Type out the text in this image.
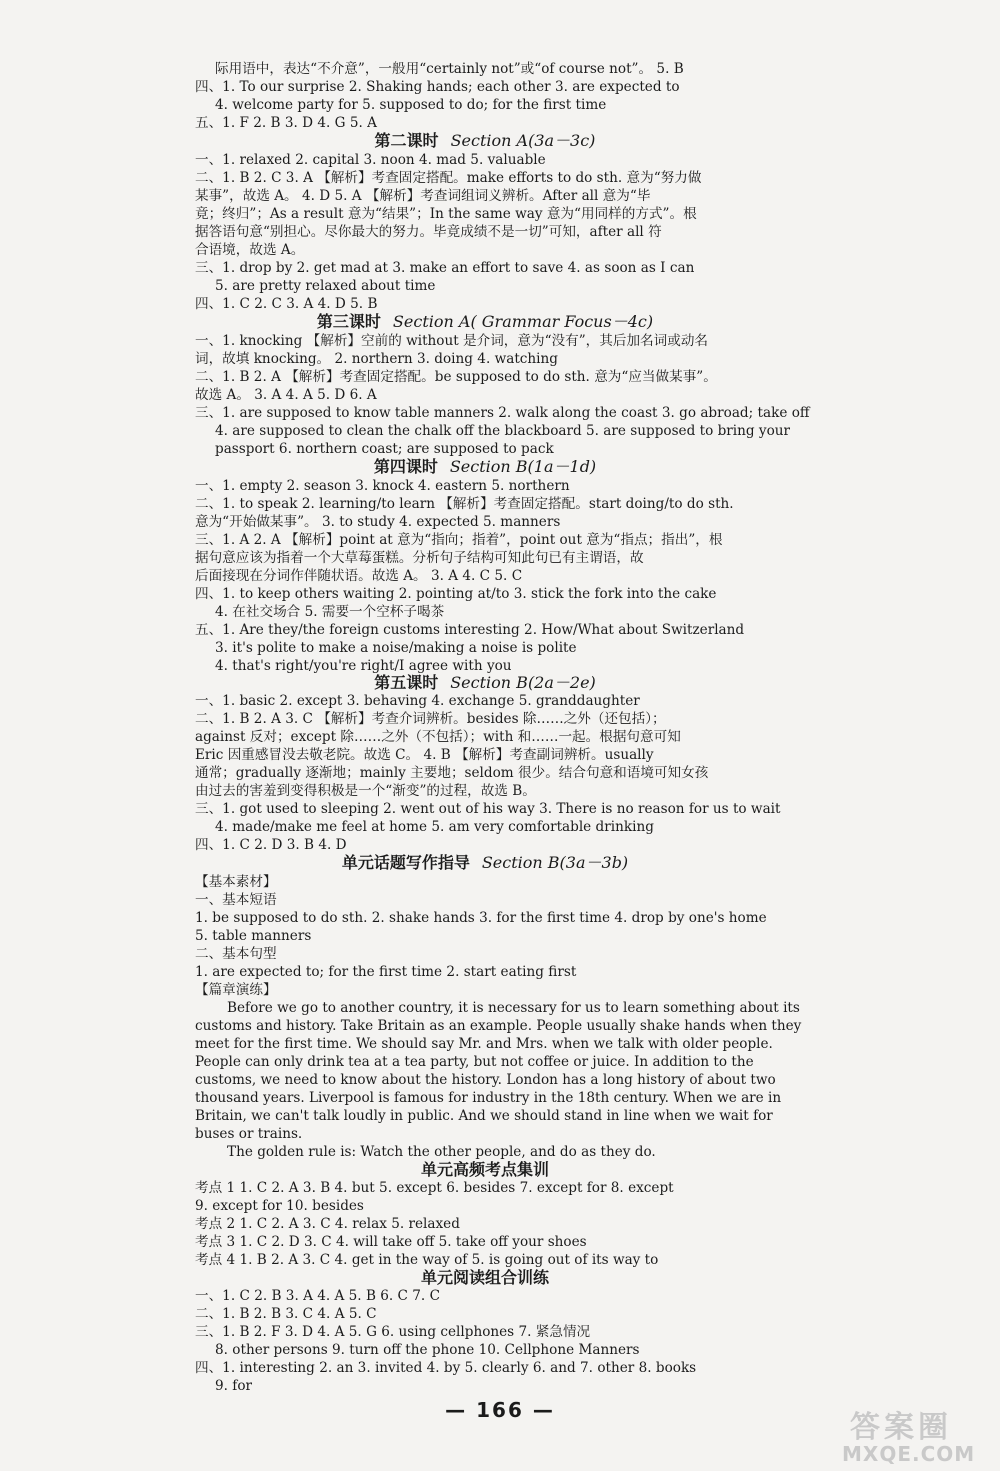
际用语中，表达“不介意”，一般用“certainly not”或“of course not”。 5. B
四、1. To our surprise 2. Shaking hands; each other 3. are expected to
4. welcome party for 5. supposed to do; for the first time
五、1. F 2. B 3. D 4. G 5. A
第二课时 Section A(3a－3c)
一、1. relaxed 2. capital 3. noon 4. mad 5. valuable
二、1. B 2. C 3. A 【解析】考查固定搭配。make efforts to do sth. 意为“努力做
某事”，故选 A。 4. D 5. A 【解析】考查词组词义辨析。After all 意为“毕
竟；终归”；As a result 意为“结果”；In the same way 意为“用同样的方式”。根
据答语句意“别担心。尽你最大的努力。毕竟成绩不是一切”可知，after all 符
合语境，故选 A。
三、1. drop by 2. get mad at 3. make an effort to save 4. as soon as I can
5. are pretty relaxed about time
四、1. C 2. C 3. A 4. D 5. B
第三课时 Section A( Grammar Focus－4c)
一、1. knocking 【解析】空前的 without 是介词，意为“没有”，其后加名词或动名
词，故填 knocking。 2. northern 3. doing 4. watching
二、1. B 2. A 【解析】考查固定搭配。be supposed to do sth. 意为“应当做某事”。
故选 A。 3. A 4. A 5. D 6. A
三、1. are supposed to know table manners 2. walk along the coast 3. go abroad; take off
4. are supposed to clean the chalk off the blackboard 5. are supposed to bring your
passport 6. northern coast; are supposed to pack
第四课时 Section B(1a－1d)
一、1. empty 2. season 3. knock 4. eastern 5. northern
二、1. to speak 2. learning/to learn 【解析】考查固定搭配。start doing/to do sth.
意为“开始做某事”。 3. to study 4. expected 5. manners
三、1. A 2. A 【解析】point at 意为“指向；指着”，point out 意为“指点；指出”，根
据句意应该为指着一个大草莓蛋糕。分析句子结构可知此句已有主谓语，故
后面接现在分词作伴随状语。故选 A。 3. A 4. C 5. C
四、1. to keep others waiting 2. pointing at/to 3. stick the fork into the cake
4. 在社交场合 5. 需要一个空杯子喝茶
五、1. Are they/the foreign customs interesting 2. How/What about Switzerland
3. it's polite to make a noise/making a noise is polite
4. that's right/you're right/I agree with you
第五课时 Section B(2a－2e)
一、1. basic 2. except 3. behaving 4. exchange 5. granddaughter
二、1. B 2. A 3. C 【解析】考查介词辨析。besides 除……之外（还包括）；
against 反对；except 除……之外（不包括）；with 和……一起。根据句意可知
Eric 因重感冒没去敬老院。故选 C。 4. B 【解析】考查副词辨析。usually
通常；gradually 逐渐地；mainly 主要地；seldom 很少。结合句意和语境可知女孩
由过去的害羞到变得积极是一个“渐变”的过程，故选 B。
三、1. got used to sleeping 2. went out of his way 3. There is no reason for us to wait
4. made/make me feel at home 5. am very comfortable drinking
四、1. C 2. D 3. B 4. D
单元话题写作指导 Section B(3a－3b)
【基本素材】
一、基本短语
1. be supposed to do sth. 2. shake hands 3. for the first time 4. drop by one's home
5. table manners
二、基本句型
1. are expected to; for the first time 2. start eating first
【篇章演练】
Before we go to another country, it is necessary for us to learn something about its
customs and history. Take Britain as an example. People usually shake hands when they
meet for the first time. We should say Mr. and Mrs. when we talk with older people.
People can only drink tea at a tea party, but not coffee or juice. In addition to the
customs, we need to know about the history. London has a long history of about two
thousand years. Liverpool is famous for industry in the 18th century. When we are in
Britain, we can't talk loudly in public. And we should stand in line when we wait for
buses or trains.
The golden rule is: Watch the other people, and do as they do.
单元高频考点集训
考点 1 1. C 2. A 3. B 4. but 5. except 6. besides 7. except for 8. except
9. except for 10. besides
考点 2 1. C 2. A 3. C 4. relax 5. relaxed
考点 3 1. C 2. D 3. C 4. will take off 5. take off your shoes
考点 4 1. B 2. A 3. C 4. get in the way of 5. is going out of its way to
单元阅读组合训练
一、1. C 2. B 3. A 4. A 5. B 6. C 7. C
二、1. B 2. B 3. C 4. A 5. C
三、1. B 2. F 3. D 4. A 5. G 6. using cellphones 7. 紧急情况
8. other persons 9. turn off the phone 10. Cellphone Manners
四、1. interesting 2. an 3. invited 4. by 5. clearly 6. and 7. other 8. books
9. for
— 166 —	答案圈
MXQE.COM
